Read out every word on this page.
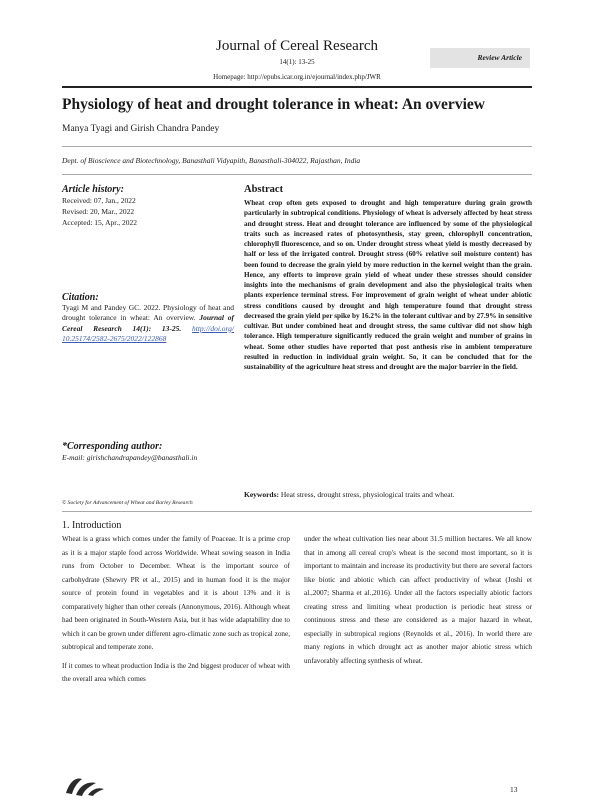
Journal of Cereal Research
14(1): 13-25	Review Article
Homepage: http://epubs.icar.org.in/ejournal/index.php/JWR
Physiology of heat and drought tolerance in wheat: An overview
Manya Tyagi and Girish Chandra Pandey
Dept. of Bioscience and Biotechnology, Banasthali Vidyapith, Banasthali-304022, Rajasthan, India
Article history:
Received: 07, Jan., 2022
Revised: 20, Mar., 2022
Accepted: 15, Apr., 2022
Citation:
Tyagi M and Pandey GC. 2022. Physiology of heat and drought tolerance in wheat: An overview. Journal of Cereal Research 14(1): 13-25. http://doi.org/ 10.25174/2582-2675/2022/122868
*Corresponding author:
E-mail: girishchandrapandey@banasthali.in
© Society for Advancement of Wheat and Barley Research
Abstract
Wheat crop often gets exposed to drought and high temperature during grain growth particularly in subtropical conditions. Physiology of wheat is adversely affected by heat stress and drought stress. Heat and drought tolerance are influenced by some of the physiological traits such as increased rates of photosynthesis, stay green, chlorophyll concentration, chlorophyll fluorescence, and so on. Under drought stress wheat yield is mostly decreased by half or less of the irrigated control. Drought stress (60% relative soil moisture content) has been found to decrease the grain yield by more reduction in the kernel weight than the grain. Hence, any efforts to improve grain yield of wheat under these stresses should consider insights into the mechanisms of grain development and also the physiological traits when plants experience terminal stress. For improvement of grain weight of wheat under abiotic stress conditions caused by drought and high temperature found that drought stress decreased the grain yield per spike by 16.2% in the tolerant cultivar and by 27.9% in sensitive cultivar. But under combined heat and drought stress, the same cultivar did not show high tolerance. High temperature significantly reduced the grain weight and number of grains in wheat. Some other studies have reported that post anthesis rise in ambient temperature resulted in reduction in individual grain weight. So, it can be concluded that for the sustainability of the agriculture heat stress and drought are the major barrier in the field.
Keywords: Heat stress, drought stress, physiological traits and wheat.
1. Introduction

Wheat is a grass which comes under the family of Poaceae. It is a prime crop as it is a major staple food across Worldwide. Wheat sowing season in India runs from October to December. Wheat is the important source of carbohydrate (Shewry PR et al., 2015) and in human food it is the major source of protein found in vegetables and it is about 13% and it is comparatively higher than other cereals (Annonymous, 2016). Although wheat had been originated in South-Western Asia, but it has wide adaptability due to which it can be grown under different agro-climatic zone such as tropical zone, subtropical and temperate zone.

If it comes to wheat production India is the 2nd biggest producer of wheat with the overall area which comes

under the wheat cultivation lies near about 31.5 million hectares. We all know that in among all cereal crop's wheat is the second most important, so it is important to maintain and increase its productivity but there are several factors like biotic and abiotic which can affect productivity of wheat (Joshi et al.,2007; Sharma et al.,2016). Under all the factors especially abiotic factors creating stress and limiting wheat production is periodic heat stress or continuous stress and these are considered as a major hazard in wheat, especially in subtropical regions (Reynolds et al., 2016). In world there are many regions in which drought act as another major abiotic stress which unfavorably affecting synthesis of wheat.

13
